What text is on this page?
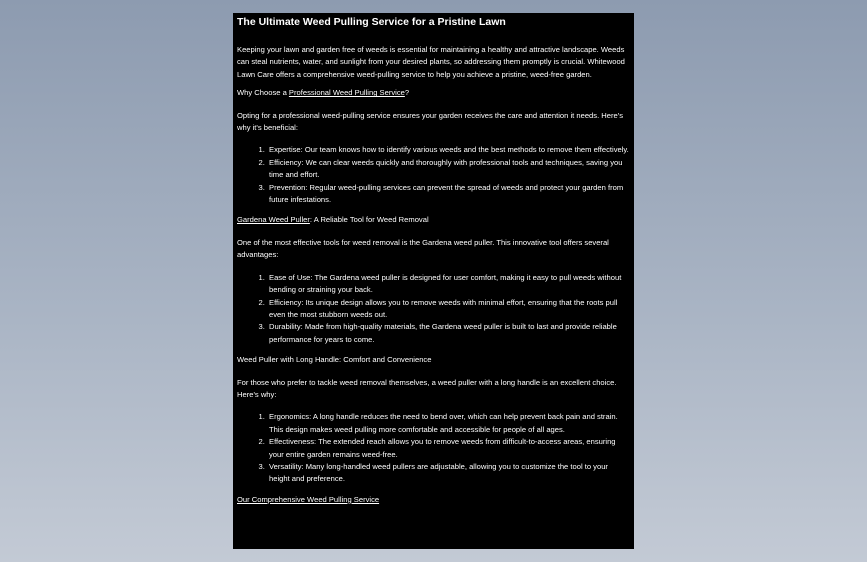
The Ultimate Weed Pulling Service for a Pristine Lawn

Keeping your lawn and garden free of weeds is essential for maintaining a healthy and attractive landscape. Weeds can steal nutrients, water, and sunlight from your desired plants, so addressing them promptly is crucial. Whitewood Lawn Care offers a comprehensive weed-pulling service to help you achieve a pristine, weed-free garden.

Why Choose a Professional Weed Pulling Service?

Opting for a professional weed-pulling service ensures your garden receives the care and attention it needs. Here's why it's beneficial:

1. Expertise: Our team knows how to identify various weeds and the best methods to remove them effectively.
2. Efficiency: We can clear weeds quickly and thoroughly with professional tools and techniques, saving you time and effort.
3. Prevention: Regular weed-pulling services can prevent the spread of weeds and protect your garden from future infestations.

Gardena Weed Puller: A Reliable Tool for Weed Removal

One of the most effective tools for weed removal is the Gardena weed puller. This innovative tool offers several advantages:

1. Ease of Use: The Gardena weed puller is designed for user comfort, making it easy to pull weeds without bending or straining your back.
2. Efficiency: Its unique design allows you to remove weeds with minimal effort, ensuring that the roots pull even the most stubborn weeds out.
3. Durability: Made from high-quality materials, the Gardena weed puller is built to last and provide reliable performance for years to come.

Weed Puller with Long Handle: Comfort and Convenience

For those who prefer to tackle weed removal themselves, a weed puller with a long handle is an excellent choice. Here's why:

1. Ergonomics: A long handle reduces the need to bend over, which can help prevent back pain and strain. This design makes weed pulling more comfortable and accessible for people of all ages.
2. Effectiveness: The extended reach allows you to remove weeds from difficult-to-access areas, ensuring your entire garden remains weed-free.
3. Versatility: Many long-handled weed pullers are adjustable, allowing you to customize the tool to your height and preference.

Our Comprehensive Weed Pulling Service
